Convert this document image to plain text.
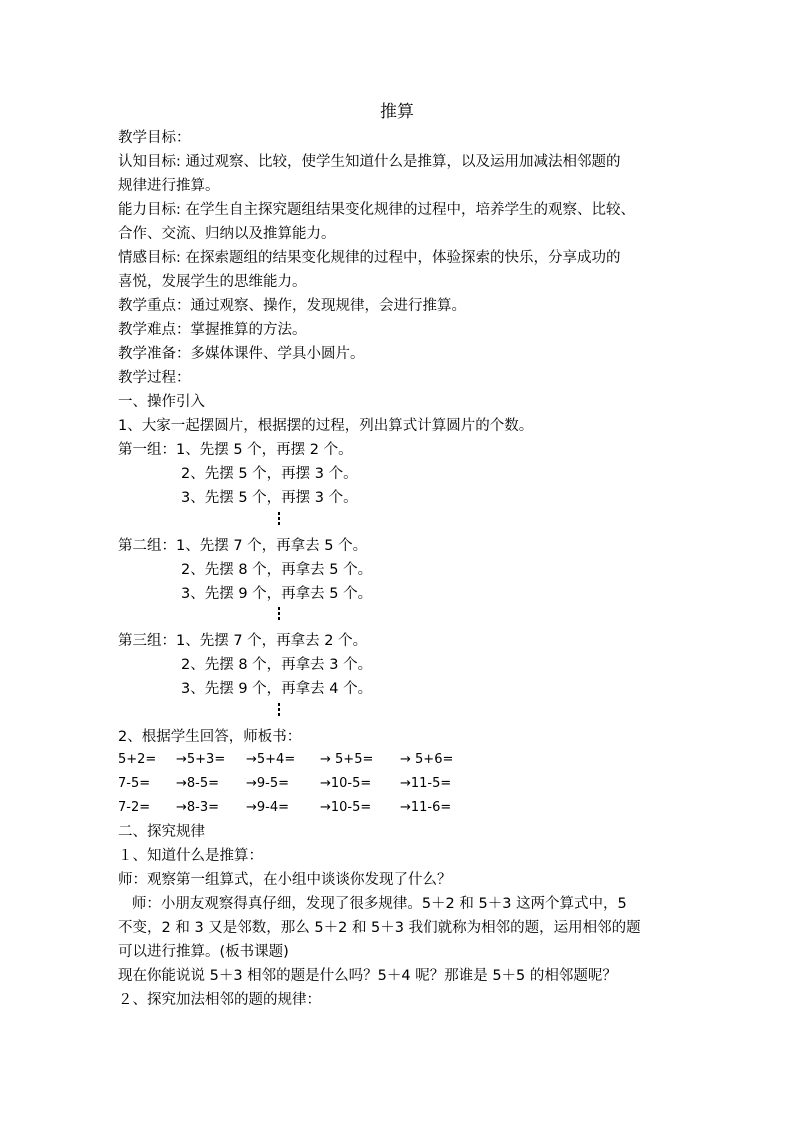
推算
教学目标：
认知目标: 通过观察、比较，使学生知道什么是推算，以及运用加减法相邻题的
规律进行推算。
能力目标: 在学生自主探究题组结果变化规律的过程中，培养学生的观察、比较、
合作、交流、归纳以及推算能力。
情感目标: 在探索题组的结果变化规律的过程中，体验探索的快乐，分享成功的
喜悦，发展学生的思维能力。
教学重点：通过观察、操作，发现规律，会进行推算。
教学难点：掌握推算的方法。
教学准备：多媒体课件、学具小圆片。
教学过程：
一、操作引入
1、大家一起摆圆片，根据摆的过程，列出算式计算圆片的个数。
第一组：1、先摆 5 个，再摆 2 个。
2、先摆 5 个，再摆 3 个。
3、先摆 5 个，再摆 3 个。
第二组：1、先摆 7 个，再拿去 5 个。
2、先摆 8 个，再拿去 5 个。
3、先摆 9 个，再拿去 5 个。
第三组：1、先摆 7 个，再拿去 2 个。
2、先摆 8 个，再拿去 3 个。
3、先摆 9 个，再拿去 4 个。
2、根据学生回答，师板书：
5+2= →5+3= →5+4= → 5+5= → 5+6=
7-5= →8-5= →9-5= →10-5= →11-5=
7-2= →8-3= →9-4= →10-5= →11-6=
二、探究规律
１、知道什么是推算：
师：观察第一组算式，在小组中谈谈你发现了什么？
师：小朋友观察得真仔细，发现了很多规律。5＋2 和 5＋3 这两个算式中，5
不变，2 和 3 又是邻数，那么 5＋2 和 5＋3 我们就称为相邻的题，运用相邻的题
可以进行推算。(板书课题)
现在你能说说 5＋3 相邻的题是什么吗？5＋4 呢？那谁是 5＋5 的相邻题呢？
２、探究加法相邻的题的规律：
